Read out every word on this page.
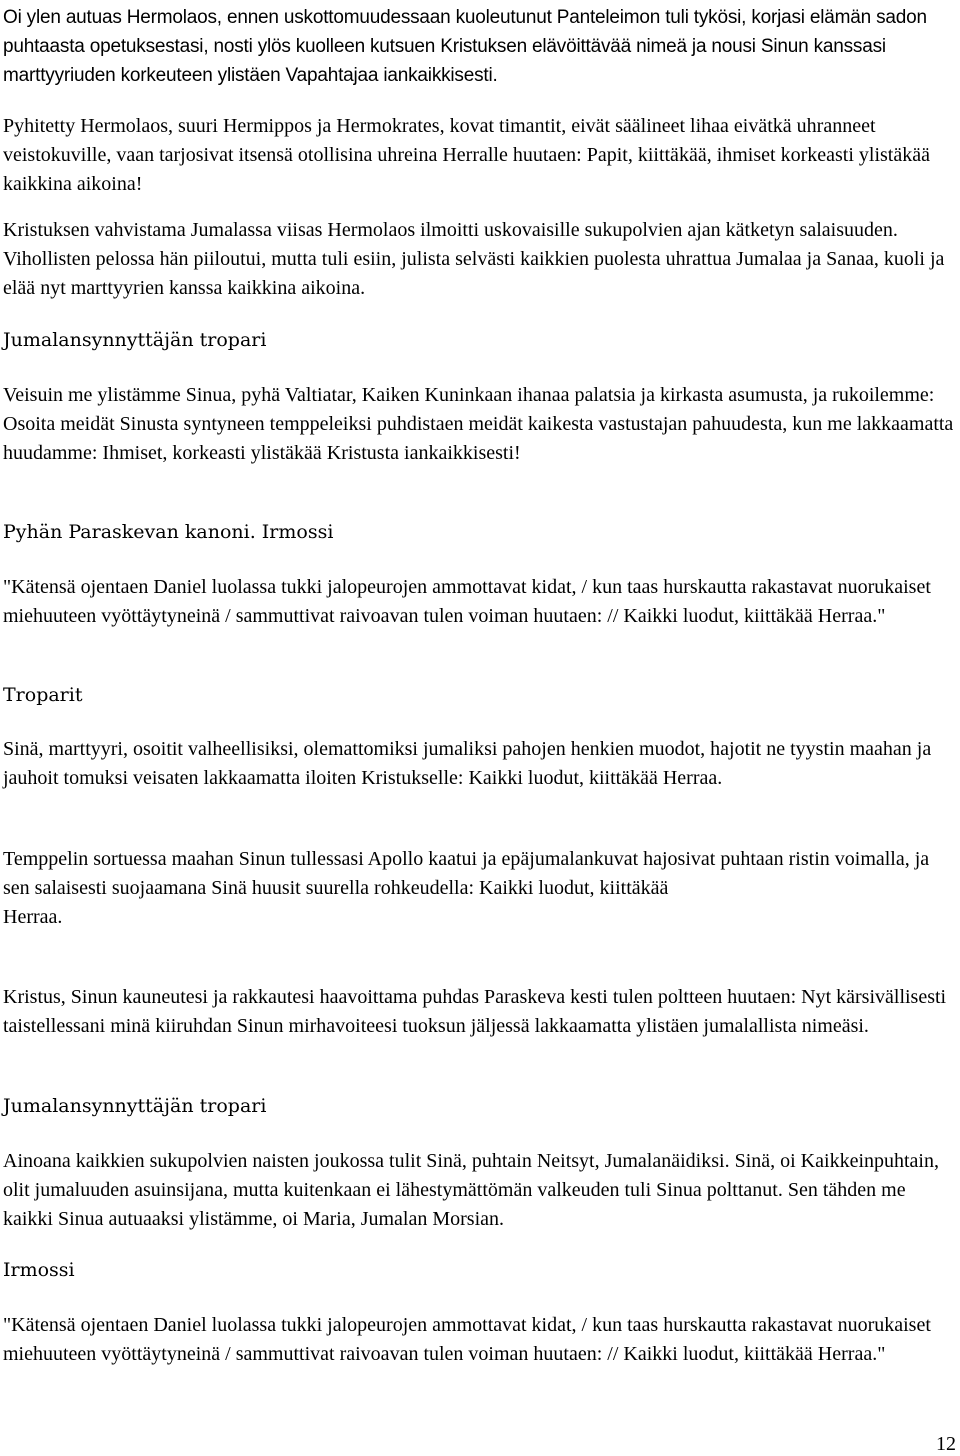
Oi ylen autuas Hermolaos, ennen uskottomuudessaan kuoleutunut Panteleimon tuli tykösi, korjasi elämän sadon puhtaasta opetuksestasi, nosti ylös kuolleen kutsuen Kristuksen elävöittävää nimeä ja nousi Sinun kanssasi marttyyriuden korkeuteen ylistäen Vapahtajaa iankaikkisesti.

Pyhitetty Hermolaos, suuri Hermippos ja Hermokrates, kovat timantit, eivät säälineet lihaa eivätkä uhranneet veistokuville, vaan tarjosivat itsensä otollisina uhreina Herralle huutaen: Papit, kiittäkää, ihmiset korkeasti ylistäkää kaikkina aikoina!

Kristuksen vahvistama Jumalassa viisas Hermolaos ilmoitti uskovaisille sukupolvien ajan kätketyn salaisuuden. Vihollisten pelossa hän piiloutui, mutta tuli esiin, julista selvästi kaikkien puolesta uhrattua Jumalaa ja Sanaa, kuoli ja elää nyt marttyyrien kanssa kaikkina aikoina.

Jumalansynnyttäjän tropari

Veisuin me ylistämme Sinua, pyhä Valtiatar, Kaiken Kuninkaan ihanaa palatsia ja kirkasta asumusta, ja rukoilemme: Osoita meidät Sinusta syntyneen temppeleiksi puhdistaen meidät kaikesta vastustajan pahuudesta, kun me lakkaamatta huudamme: Ihmiset, korkeasti ylistäkää Kristusta iankaikkisesti!

Pyhän Paraskevan kanoni. Irmossi

"Kätensä ojentaen Daniel luolassa tukki jalopeurojen ammottavat kidat, / kun taas hurskautta rakastavat nuorukaiset miehuuteen vyöttäytyneinä / sammuttivat raivoavan tulen voiman huutaen: // Kaikki luodut, kiittäkää Herraa."

Troparit

Sinä, marttyyri, osoitit valheellisiksi, olemattomiksi jumaliksi pahojen henkien muodot, hajotit ne tyystin maahan ja jauhoit tomuksi veisaten lakkaamatta iloiten Kristukselle: Kaikki luodut, kiittäkää Herraa.

Temppelin sortuessa maahan Sinun tullessasi Apollo kaatui ja epäjumalankuvat hajosivat puhtaan ristin voimalla, ja sen salaisesti suojaamana Sinä huusit suurella rohkeudella: Kaikki luodut, kiittäkää
Herraa.

Kristus, Sinun kauneutesi ja rakkautesi haavoittama puhdas Paraskeva kesti tulen poltteen huutaen: Nyt kärsivällisesti taistellessani minä kiiruhdan Sinun mirhavoiteesi tuoksun jäljessä lakkaamatta ylistäen jumalallista nimeäsi.

Jumalansynnyttäjän tropari

Ainoana kaikkien sukupolvien naisten joukossa tulit Sinä, puhtain Neitsyt, Jumalanäidiksi. Sinä, oi Kaikkeinpuhtain, olit jumaluuden asuinsijana, mutta kuitenkaan ei lähestymättömän valkeuden tuli Sinua polttanut. Sen tähden me kaikki Sinua autuaaksi ylistämme, oi Maria, Jumalan Morsian.

Irmossi

"Kätensä ojentaen Daniel luolassa tukki jalopeurojen ammottavat kidat, / kun taas hurskautta rakastavat nuorukaiset miehuuteen vyöttäytyneinä / sammuttivat raivoavan tulen voiman huutaen: // Kaikki luodut, kiittäkää Herraa."

12
